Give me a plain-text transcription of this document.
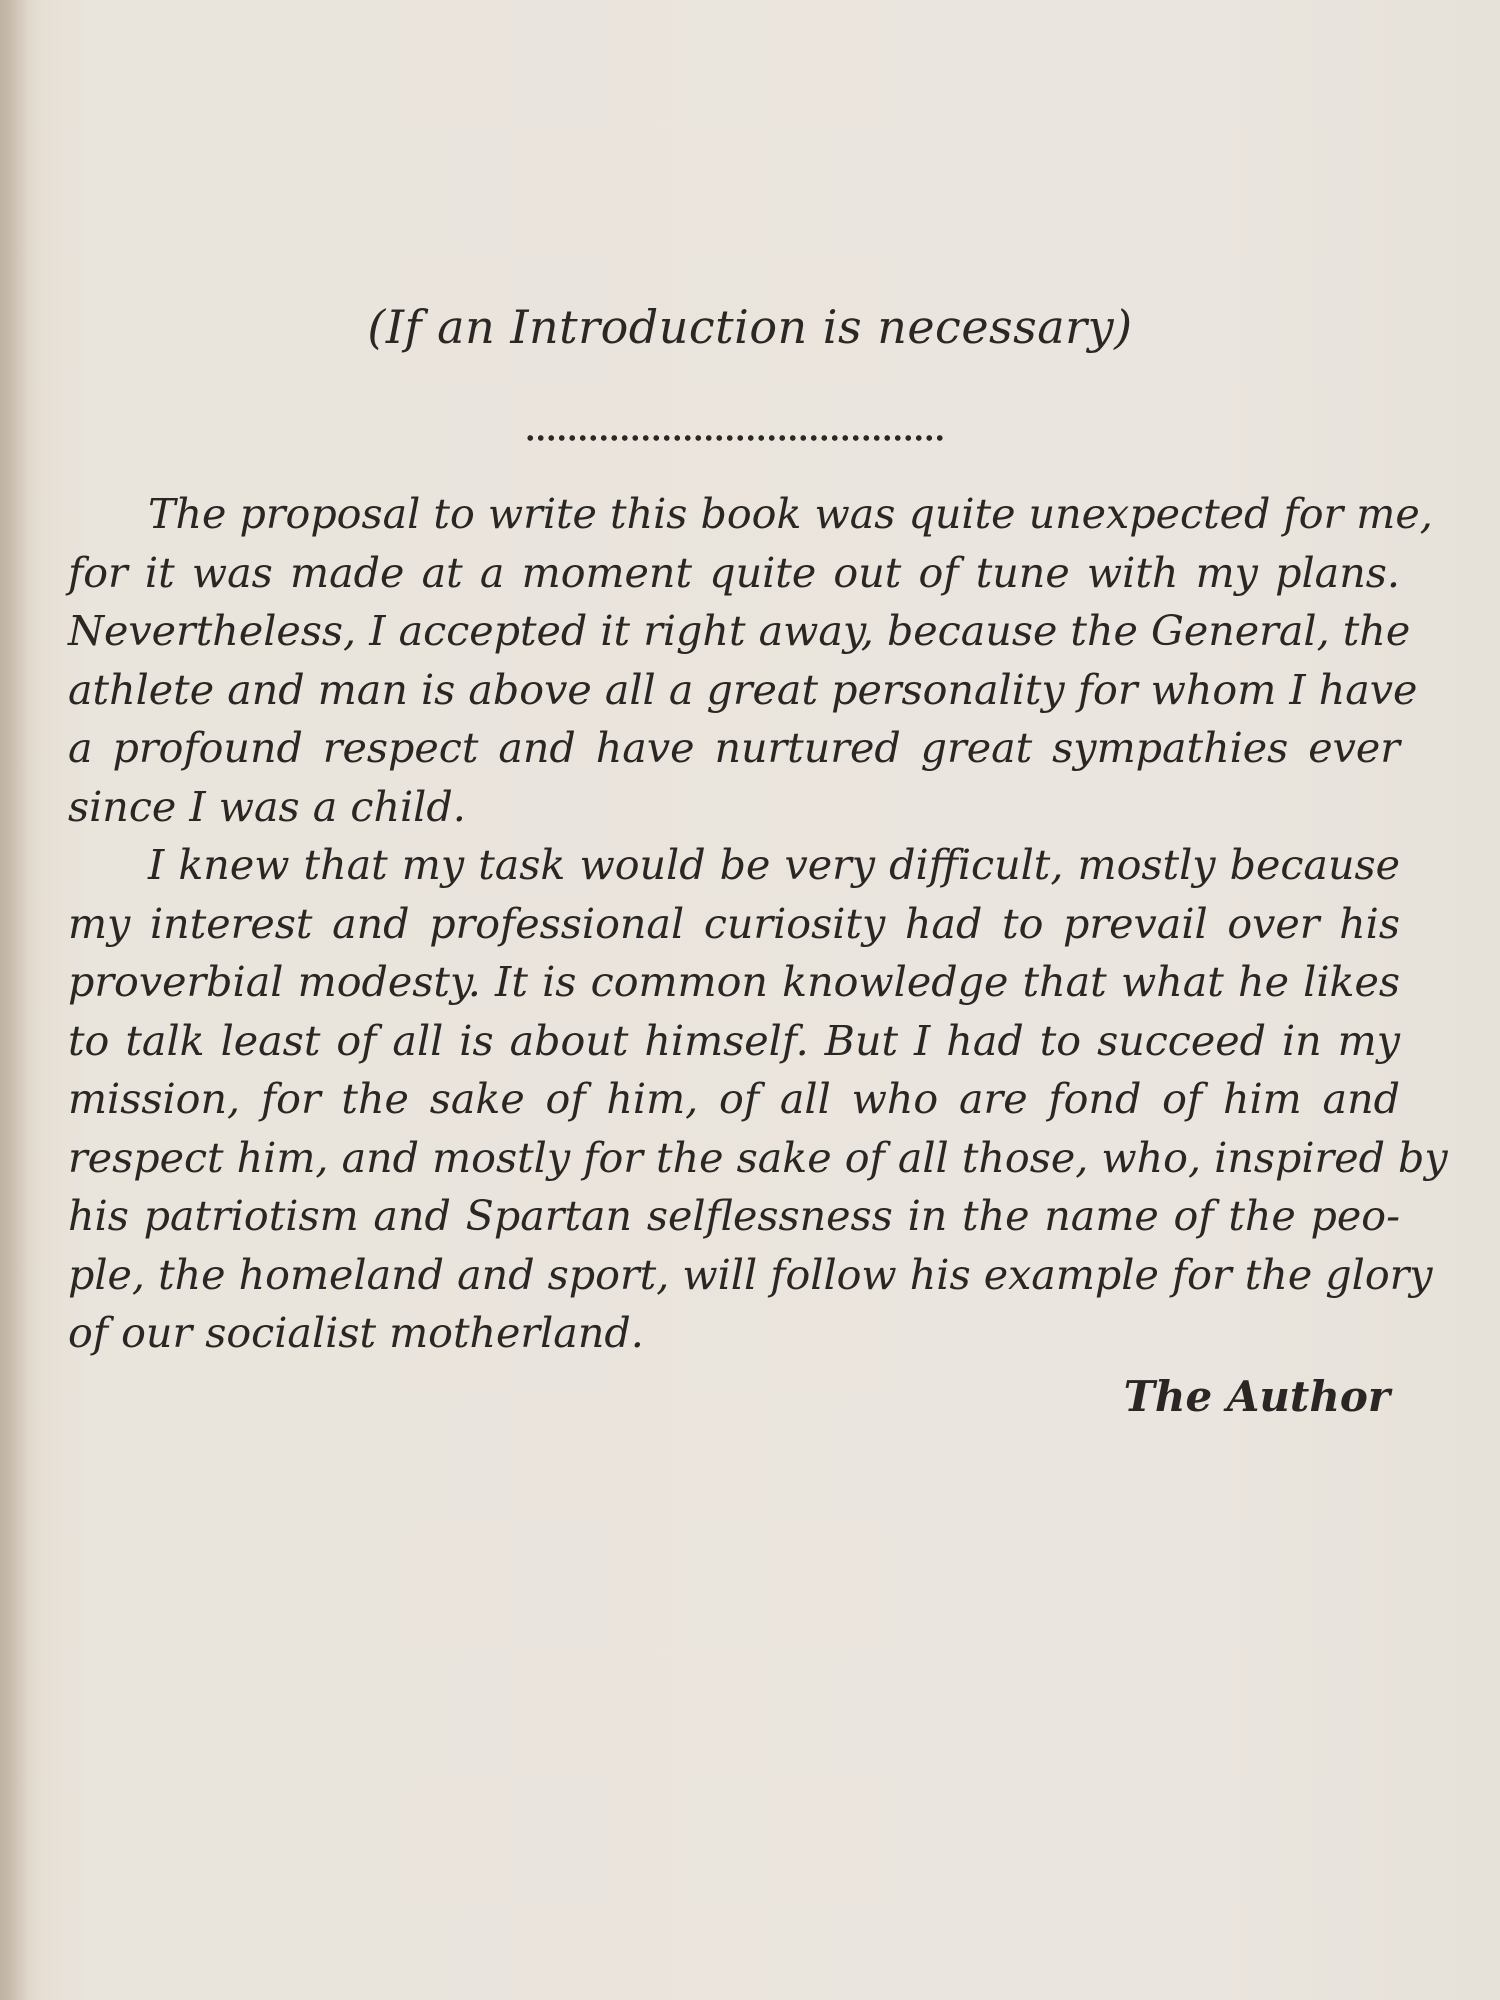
(If an Introduction is necessary)
The proposal to write this book was quite unexpected for me,
for it was made at a moment quite out of tune with my plans.
Nevertheless, I accepted it right away, because the General, the
athlete and man is above all a great personality for whom I have
a profound respect and have nurtured great sympathies ever
since I was a child.
I knew that my task would be very difficult, mostly because
my interest and professional curiosity had to prevail over his
proverbial modesty. It is common knowledge that what he likes
to talk least of all is about himself. But I had to succeed in my
mission, for the sake of him, of all who are fond of him and
respect him, and mostly for the sake of all those, who, inspired by
his patriotism and Spartan selflessness in the name of the peo-
ple, the homeland and sport, will follow his example for the glory
of our socialist motherland.

The Author
